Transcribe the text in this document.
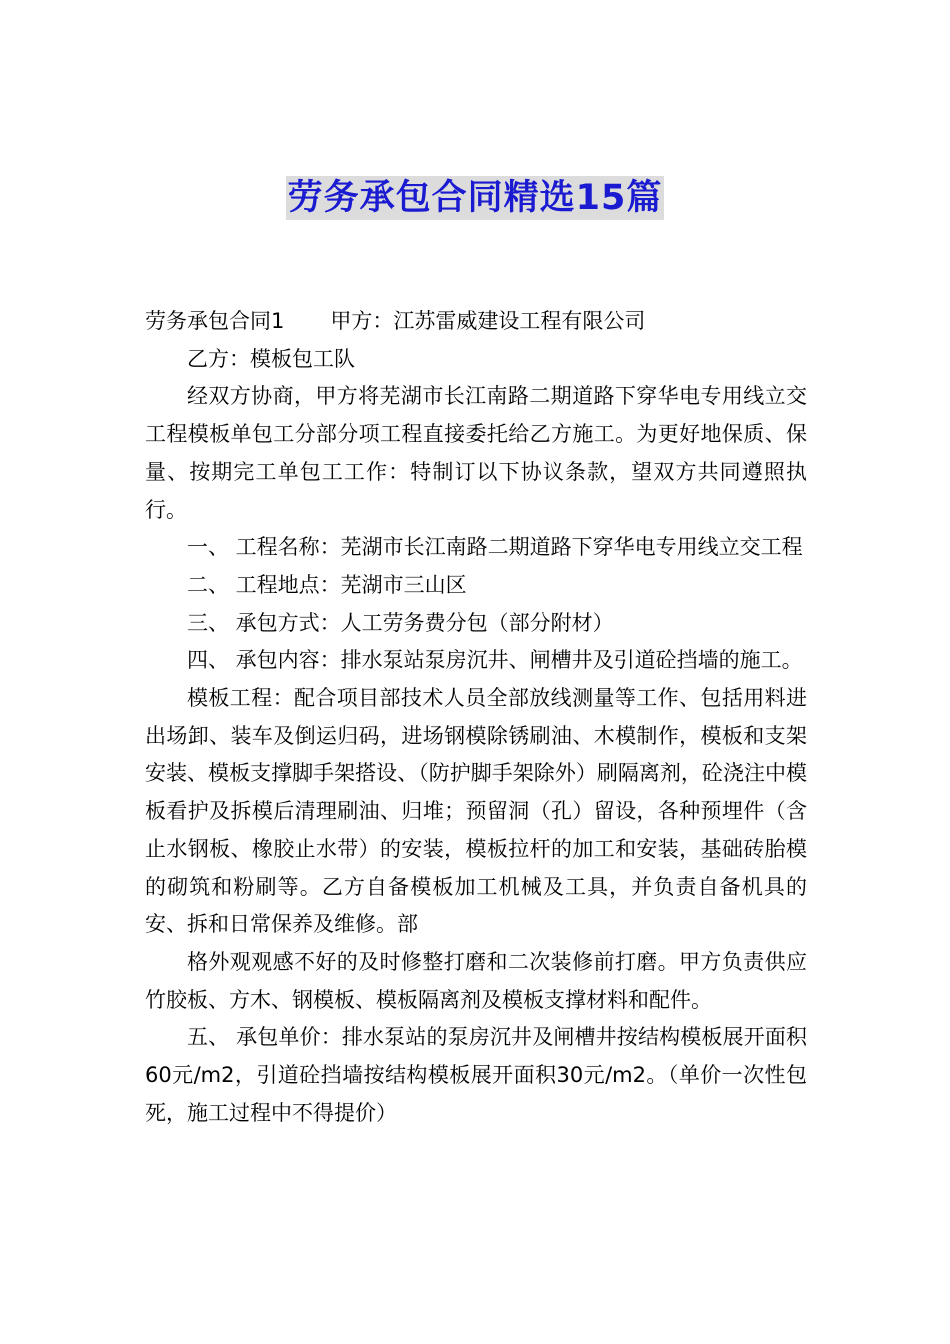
劳务承包合同精选15篇

劳务承包合同1 甲方：江苏雷威建设工程有限公司

乙方：模板包工队

经双方协商，甲方将芜湖市长江南路二期道路下穿华电专用线立交工程模板单包工分部分项工程直接委托给乙方施工。为更好地保质、保量、按期完工单包工工作：特制订以下协议条款，望双方共同遵照执行。

一、 工程名称：芜湖市长江南路二期道路下穿华电专用线立交工程

二、 工程地点：芜湖市三山区

三、 承包方式：人工劳务费分包（部分附材）

四、 承包内容：排水泵站泵房沉井、闸槽井及引道砼挡墙的施工。

模板工程：配合项目部技术人员全部放线测量等工作、包括用料进出场卸、装车及倒运归码，进场钢模除锈刷油、木模制作，模板和支架安装、模板支撑脚手架搭设、（防护脚手架除外）刷隔离剂，砼浇注中模板看护及拆模后清理刷油、归堆；预留洞（孔）留设，各种预埋件（含止水钢板、橡胶止水带）的安装，模板拉杆的加工和安装，基础砖胎模的砌筑和粉刷等。乙方自备模板加工机械及工具，并负责自备机具的安、拆和日常保养及维修。部

格外观观感不好的及时修整打磨和二次装修前打磨。甲方负责供应竹胶板、方木、钢模板、模板隔离剂及模板支撑材料和配件。

五、 承包单价：排水泵站的泵房沉井及闸槽井按结构模板展开面积60元/m2，引道砼挡墙按结构模板展开面积30元/m2。（单价一次性包死，施工过程中不得提价）
